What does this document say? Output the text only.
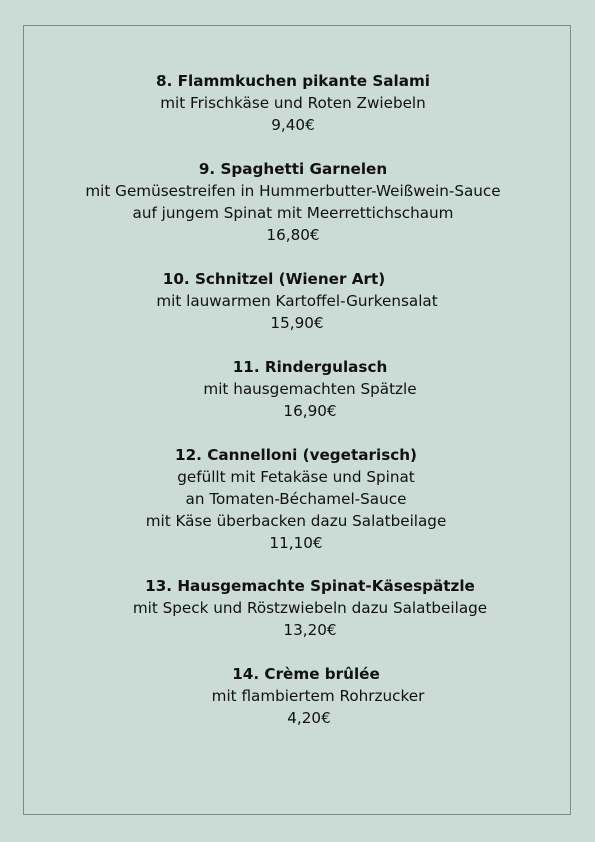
8. Flammkuchen pikante Salami
mit Frischkäse und Roten Zwiebeln
9,40€
9. Spaghetti Garnelen
mit Gemüsestreifen in Hummerbutter-Weißwein-Sauce
auf jungem Spinat mit Meerrettichschaum
16,80€
10. Schnitzel (Wiener Art)
mit lauwarmen Kartoffel-Gurkensalat
15,90€
11. Rindergulasch
mit hausgemachten Spätzle
16,90€
12. Cannelloni (vegetarisch)
gefüllt mit Fetakäse und Spinat
an Tomaten-Béchamel-Sauce
mit Käse überbacken dazu Salatbeilage
11,10€
13. Hausgemachte Spinat-Käsespätzle
mit Speck und Röstzwiebeln dazu Salatbeilage
13,20€
14. Crème brûlée
mit flambiertem Rohrzucker
4,20€
